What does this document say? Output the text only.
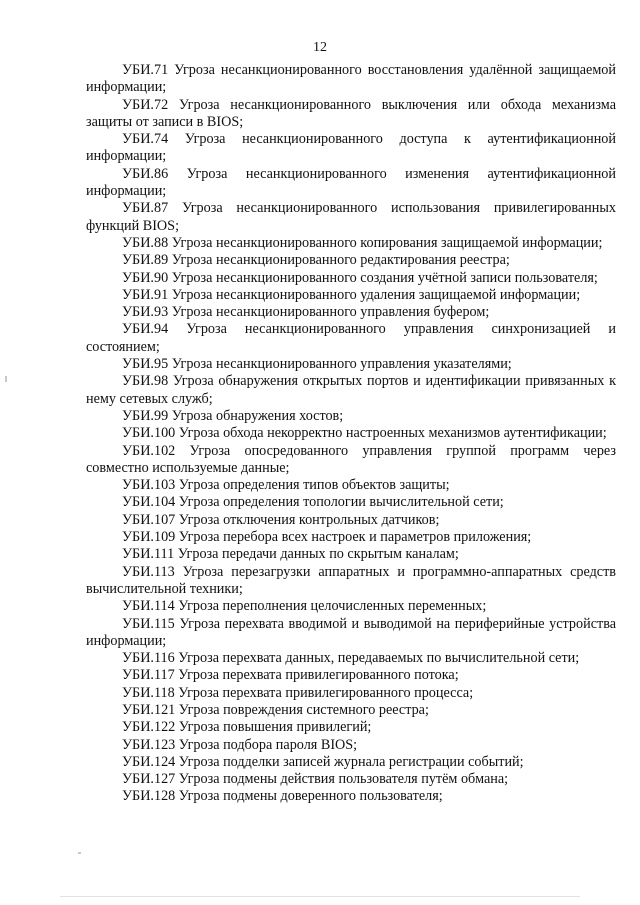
12

УБИ.71 Угроза несанкционированного восстановления удалённой защищаемой информации;

УБИ.72 Угроза несанкционированного выключения или обхода механизма защиты от записи в BIOS;

УБИ.74 Угроза несанкционированного доступа к аутентификационной информации;

УБИ.86 Угроза несанкционированного изменения аутентификационной информации;

УБИ.87 Угроза несанкционированного использования привилегированных функций BIOS;

УБИ.88 Угроза несанкционированного копирования защищаемой информации;

УБИ.89 Угроза несанкционированного редактирования реестра;

УБИ.90 Угроза несанкционированного создания учётной записи пользователя;

УБИ.91 Угроза несанкционированного удаления защищаемой информации;

УБИ.93 Угроза несанкционированного управления буфером;

УБИ.94 Угроза несанкционированного управления синхронизацией и состоянием;

УБИ.95 Угроза несанкционированного управления указателями;

УБИ.98 Угроза обнаружения открытых портов и идентификации привязанных к нему сетевых служб;

УБИ.99 Угроза обнаружения хостов;

УБИ.100 Угроза обхода некорректно настроенных механизмов аутентификации;

УБИ.102 Угроза опосредованного управления группой программ через совместно используемые данные;

УБИ.103 Угроза определения типов объектов защиты;

УБИ.104 Угроза определения топологии вычислительной сети;

УБИ.107 Угроза отключения контрольных датчиков;

УБИ.109 Угроза перебора всех настроек и параметров приложения;

УБИ.111 Угроза передачи данных по скрытым каналам;

УБИ.113 Угроза перезагрузки аппаратных и программно-аппаратных средств вычислительной техники;

УБИ.114 Угроза переполнения целочисленных переменных;

УБИ.115 Угроза перехвата вводимой и выводимой на периферийные устройства информации;

УБИ.116 Угроза перехвата данных, передаваемых по вычислительной сети;

УБИ.117 Угроза перехвата привилегированного потока;

УБИ.118 Угроза перехвата привилегированного процесса;

УБИ.121 Угроза повреждения системного реестра;

УБИ.122 Угроза повышения привилегий;

УБИ.123 Угроза подбора пароля BIOS;

УБИ.124 Угроза подделки записей журнала регистрации событий;

УБИ.127 Угроза подмены действия пользователя путём обмана;

УБИ.128 Угроза подмены доверенного пользователя;
